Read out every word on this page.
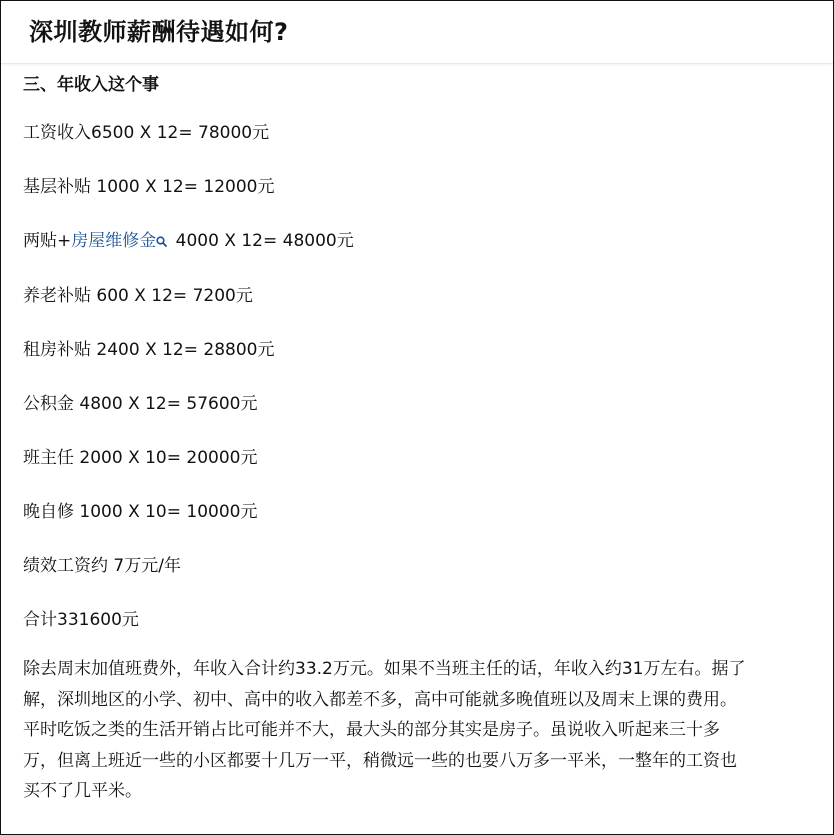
深圳教师薪酬待遇如何?
三、年收入这个事
工资收入6500 X 12= 78000元
基层补贴 1000 X 12= 12000元
两贴+房屋维修金 4000 X 12= 48000元
养老补贴 600 X 12= 7200元
租房补贴 2400 X 12= 28800元
公积金 4800 X 12= 57600元
班主任 2000 X 10= 20000元
晚自修 1000 X 10= 10000元
绩效工资约 7万元/年
合计331600元
除去周末加值班费外，年收入合计约33.2万元。如果不当班主任的话，年收入约31万左右。据了
解，深圳地区的小学、初中、高中的收入都差不多，高中可能就多晚值班以及周末上课的费用。
平时吃饭之类的生活开销占比可能并不大，最大头的部分其实是房子。虽说收入听起来三十多
万，但离上班近一些的小区都要十几万一平，稍微远一些的也要八万多一平米，一整年的工资也
买不了几平米。
